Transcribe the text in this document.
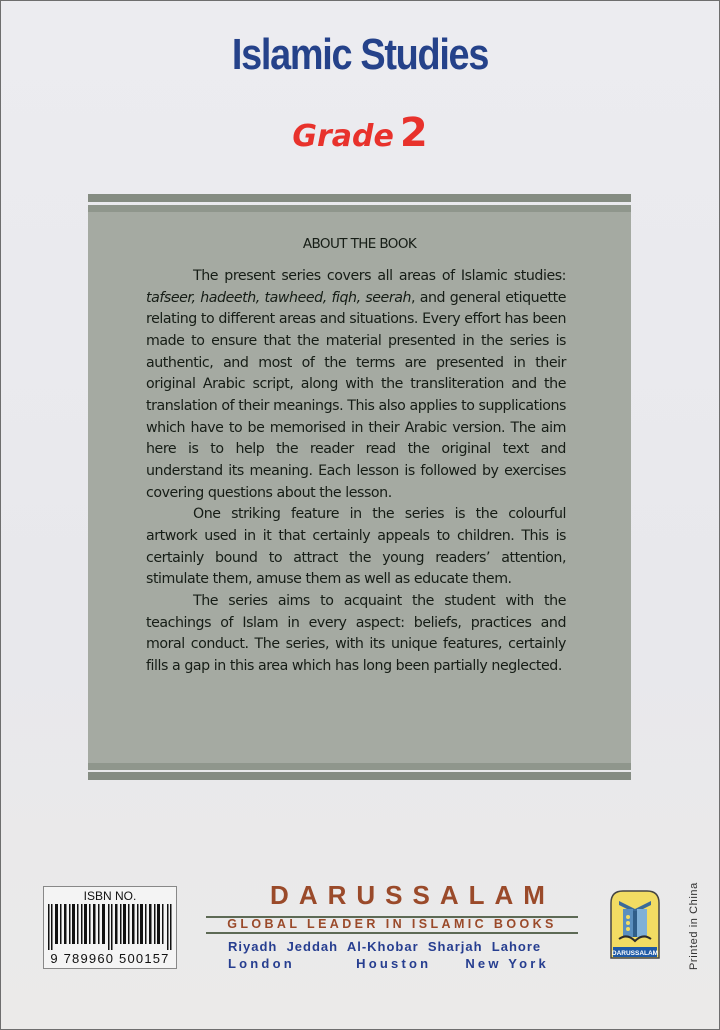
Islamic Studies
Grade 2
ABOUT THE BOOK

The present series covers all areas of Islamic studies: tafseer, hadeeth, tawheed, fiqh, seerah, and general etiquette relating to different areas and situations. Every effort has been made to ensure that the material presented in the series is authentic, and most of the terms are presented in their original Arabic script, along with the transliteration and the translation of their meanings. This also applies to supplications which have to be memorised in their Arabic version. The aim here is to help the reader read the original text and understand its meaning. Each lesson is followed by exercises covering questions about the lesson.

One striking feature in the series is the colourful artwork used in it that certainly appeals to children. This is certainly bound to attract the young readers’ attention, stimulate them, amuse them as well as educate them.

The series aims to acquaint the student with the teachings of Islam in every aspect: beliefs, practices and moral conduct. The series, with its unique features, certainly fills a gap in this area which has long been partially neglected.

ISBN NO.
9 789960 500157
DARUSSALAM
GLOBAL LEADER IN ISLAMIC BOOKS
Riyadh  Jeddah  Al-Khobar  Sharjah  Lahore
London         Houston     New York
DARUSSALAM	Printed in China
